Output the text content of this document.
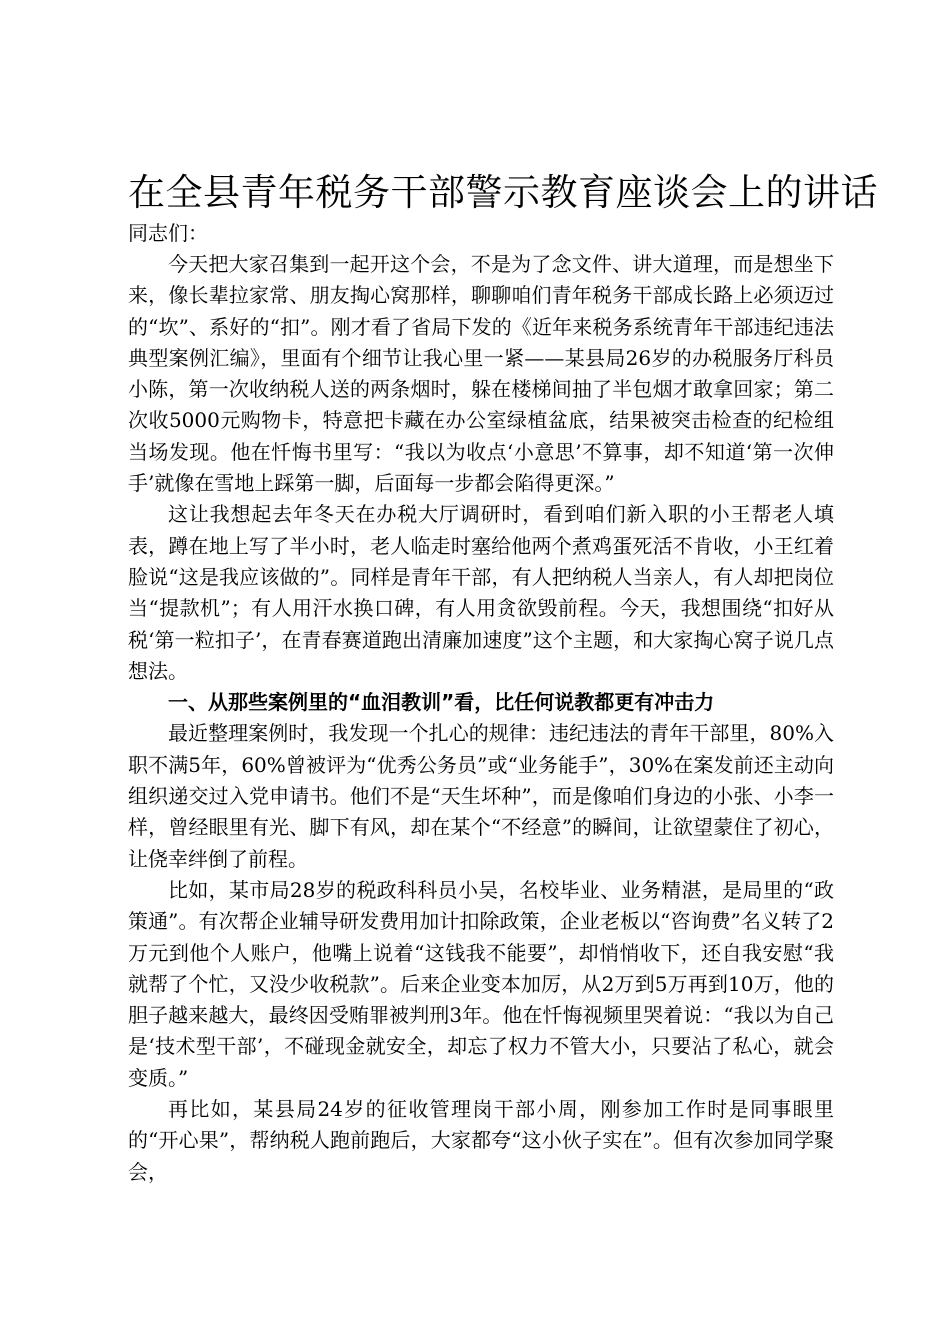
在全县青年税务干部警示教育座谈会上的讲话

同志们：

今天把大家召集到一起开这个会，不是为了念文件、讲大道理，而是想坐下来，像长辈拉家常、朋友掏心窝那样，聊聊咱们青年税务干部成长路上必须迈过的“坎”、系好的“扣”。刚才看了省局下发的《近年来税务系统青年干部违纪违法典型案例汇编》，里面有个细节让我心里一紧——某县局26岁的办税服务厅科员小陈，第一次收纳税人送的两条烟时，躲在楼梯间抽了半包烟才敢拿回家；第二次收5000元购物卡，特意把卡藏在办公室绿植盆底，结果被突击检查的纪检组当场发现。他在忏悔书里写：“我以为收点‘小意思’不算事，却不知道‘第一次伸手’就像在雪地上踩第一脚，后面每一步都会陷得更深。”

这让我想起去年冬天在办税大厅调研时，看到咱们新入职的小王帮老人填表，蹲在地上写了半小时，老人临走时塞给他两个煮鸡蛋死活不肯收，小王红着脸说“这是我应该做的”。同样是青年干部，有人把纳税人当亲人，有人却把岗位当“提款机”；有人用汗水换口碑，有人用贪欲毁前程。今天，我想围绕“扣好从税‘第一粒扣子’，在青春赛道跑出清廉加速度”这个主题，和大家掏心窝子说几点想法。

一、从那些案例里的“血泪教训”看，比任何说教都更有冲击力

最近整理案例时，我发现一个扎心的规律：违纪违法的青年干部里，80%入职不满5年，60%曾被评为“优秀公务员”或“业务能手”，30%在案发前还主动向组织递交过入党申请书。他们不是“天生坏种”，而是像咱们身边的小张、小李一样，曾经眼里有光、脚下有风，却在某个“不经意”的瞬间，让欲望蒙住了初心，让侥幸绊倒了前程。

比如，某市局28岁的税政科科员小吴，名校毕业、业务精湛，是局里的“政策通”。有次帮企业辅导研发费用加计扣除政策，企业老板以“咨询费”名义转了2万元到他个人账户，他嘴上说着“这钱我不能要”，却悄悄收下，还自我安慰“我就帮了个忙，又没少收税款”。后来企业变本加厉，从2万到5万再到10万，他的胆子越来越大，最终因受贿罪被判刑3年。他在忏悔视频里哭着说：“我以为自己是‘技术型干部’，不碰现金就安全，却忘了权力不管大小，只要沾了私心，就会变质。”

再比如，某县局24岁的征收管理岗干部小周，刚参加工作时是同事眼里的“开心果”，帮纳税人跑前跑后，大家都夸“这小伙子实在”。但有次参加同学聚会，
